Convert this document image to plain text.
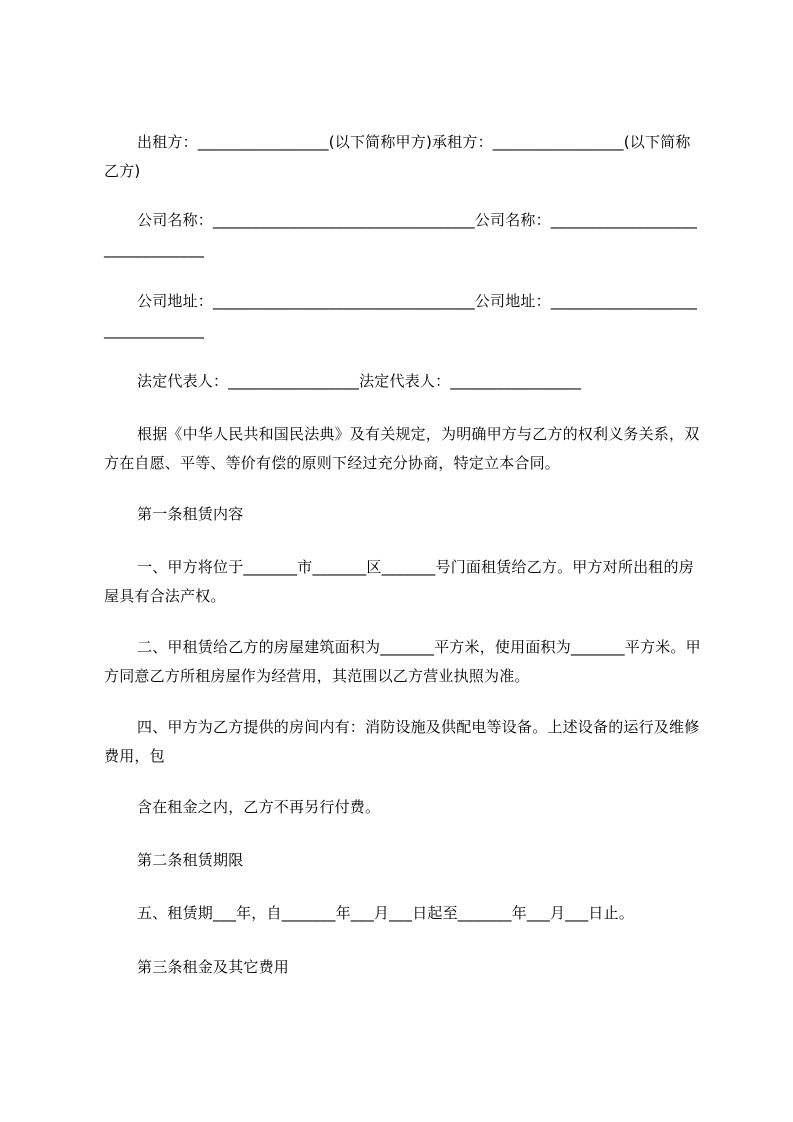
出租方：_________________(以下简称甲方)承租方：_________________(以下简称乙方)

公司名称：__________________________________公司名称：________________________________

公司地址：__________________________________公司地址：________________________________

法定代表人：_________________法定代表人：_________________

根据《中华人民共和国民法典》及有关规定，为明确甲方与乙方的权利义务关系，双方在自愿、平等、等价有偿的原则下经过充分协商，特定立本合同。

第一条租赁内容

一、甲方将位于_______市_______区_______号门面租赁给乙方。甲方对所出租的房屋具有合法产权。

二、甲租赁给乙方的房屋建筑面积为_______平方米，使用面积为_______平方米。甲方同意乙方所租房屋作为经营用，其范围以乙方营业执照为准。

四、甲方为乙方提供的房间内有：消防设施及供配电等设备。上述设备的运行及维修费用，包

含在租金之内，乙方不再另行付费。

第二条租赁期限

五、租赁期___年，自_______年___月___日起至_______年___月___日止。

第三条租金及其它费用
